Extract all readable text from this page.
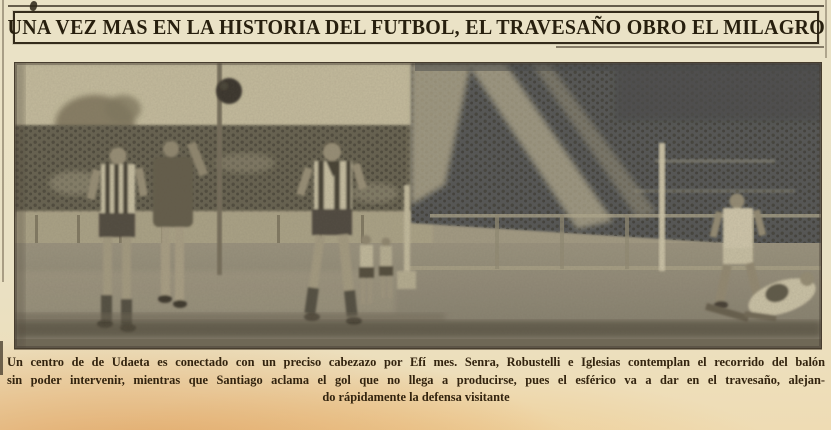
UNA VEZ MAS EN LA HISTORIA DEL FUTBOL, EL TRAVESAÑO OBRO EL MILAGRO
Un centro de de Udaeta es conectado con un preciso cabezazo por Efí mes. Senra, Robustelli e Iglesias contemplan el recorrido del balón
sin poder intervenir, mientras que Santiago aclama el gol que no llega a producirse, pues el esférico va a dar en el travesaño, alejan-
do rápidamente la defensa visitante
